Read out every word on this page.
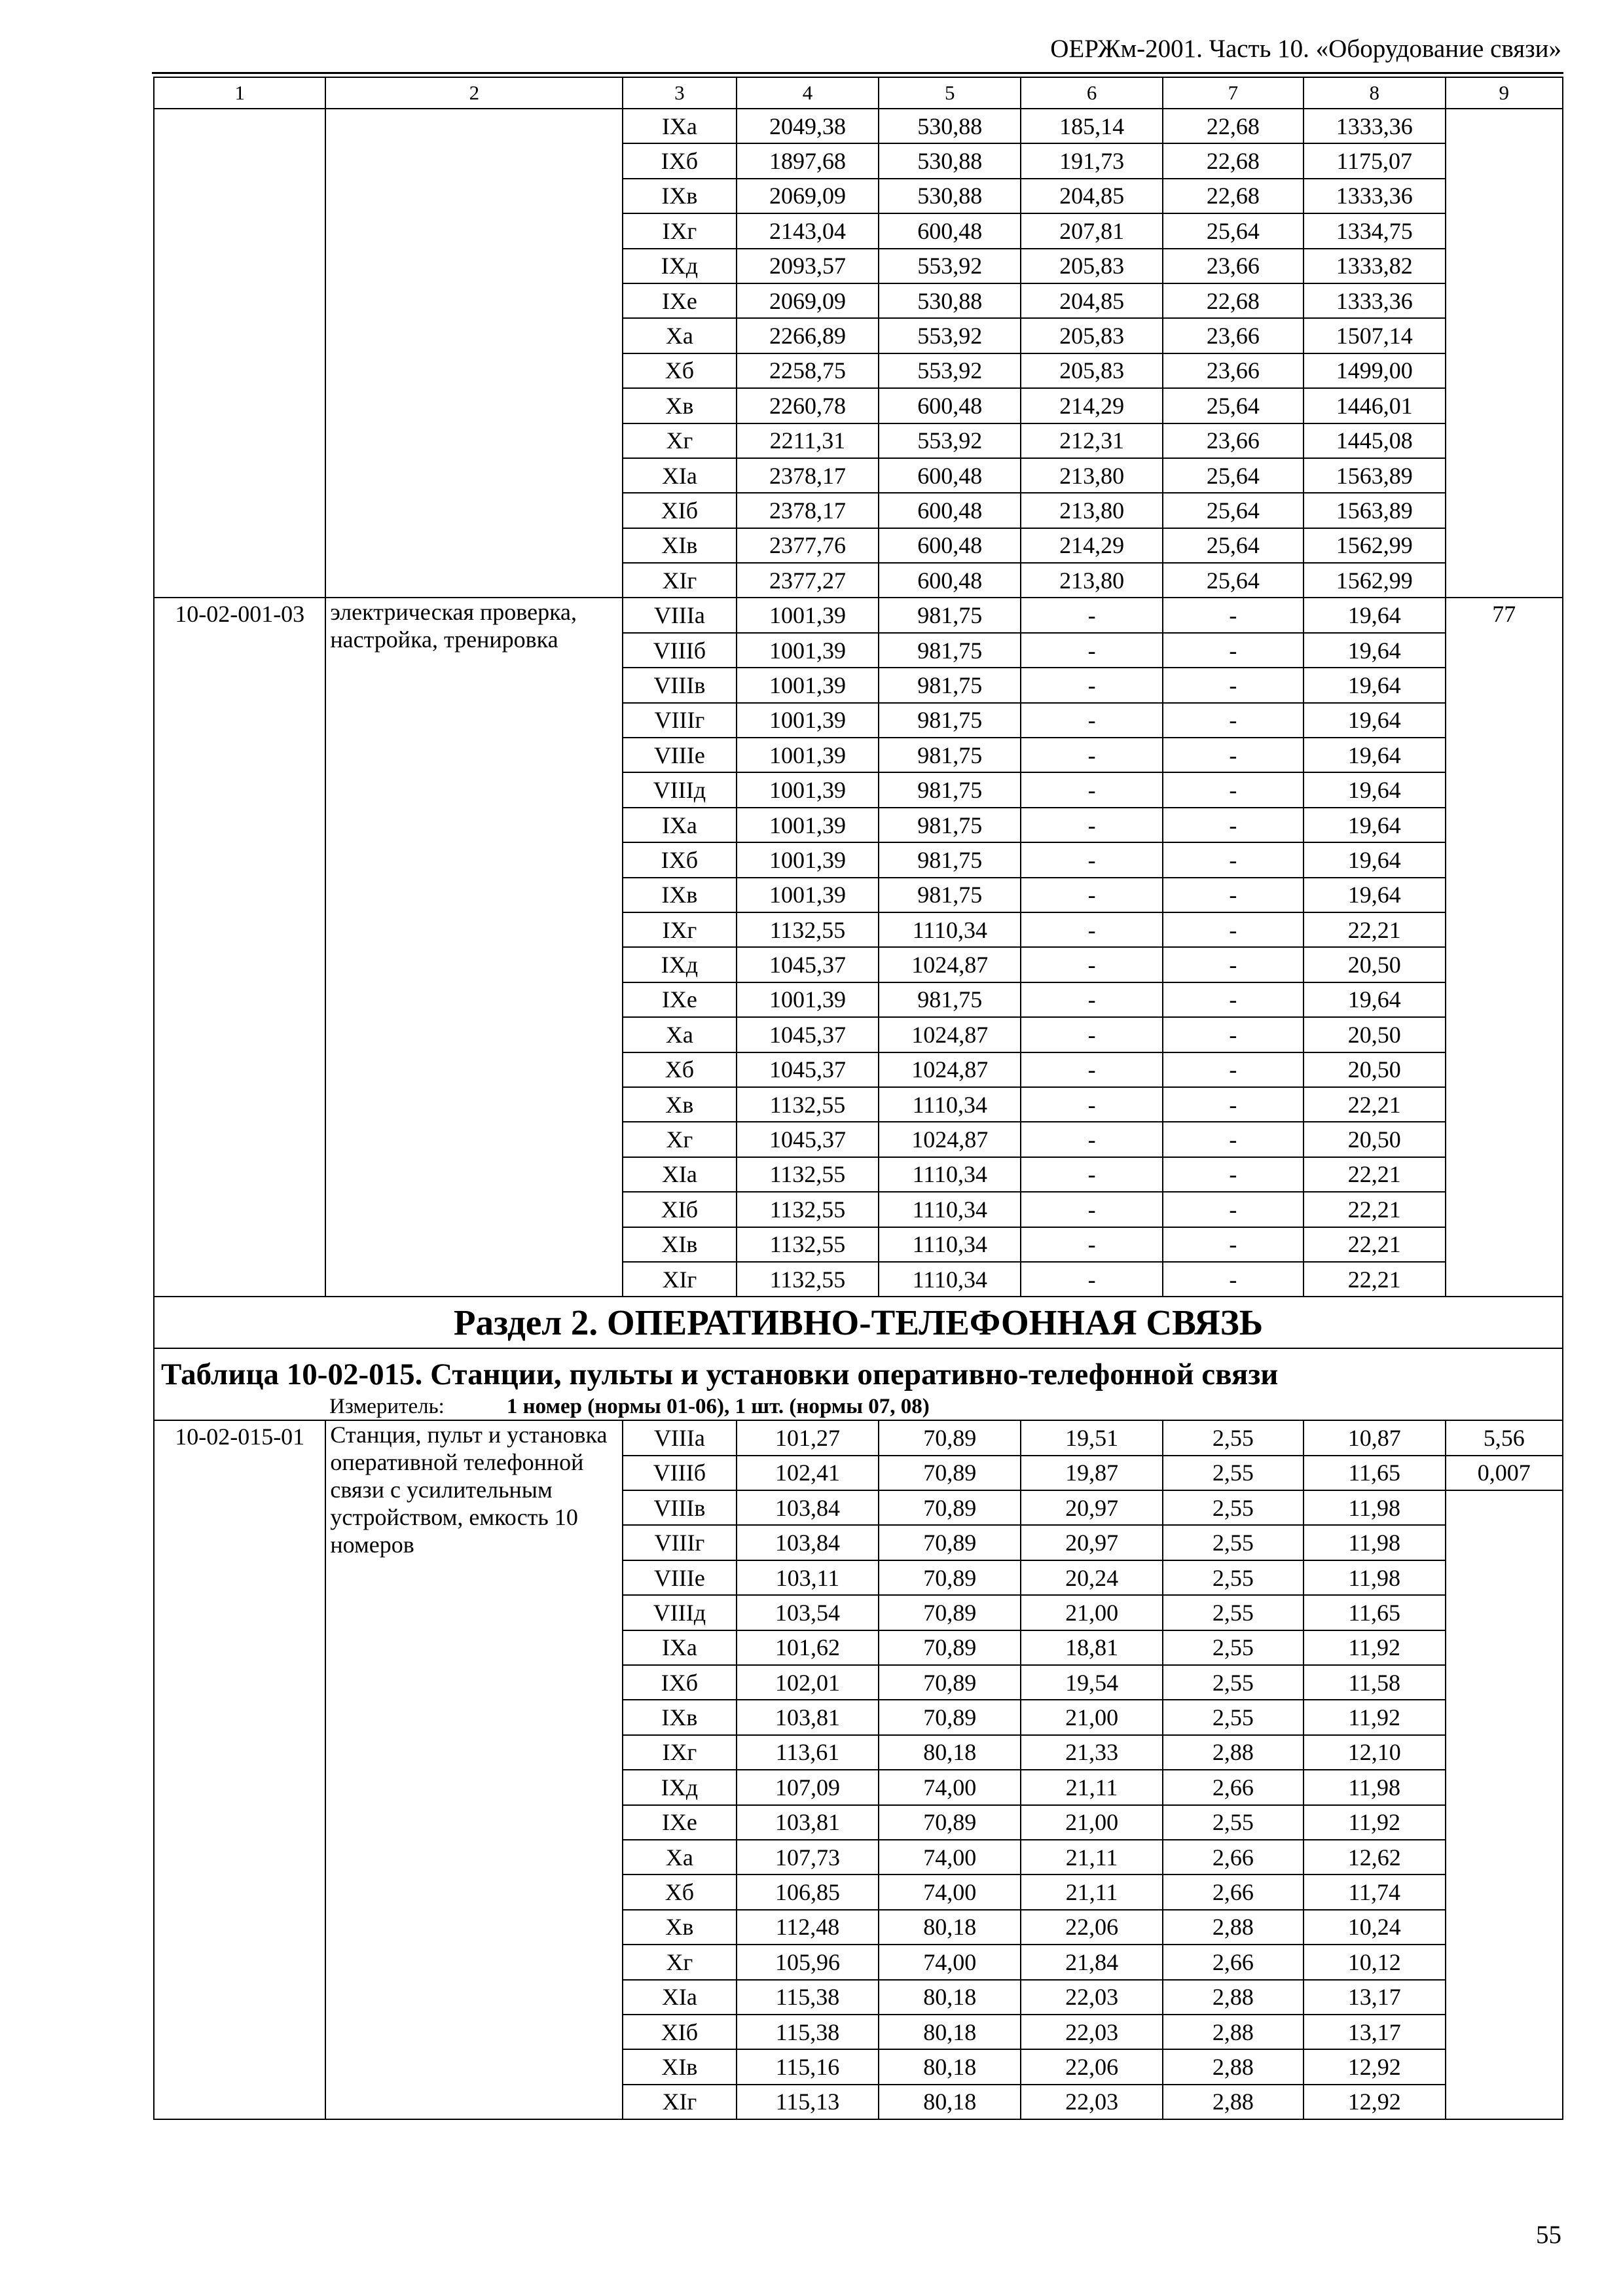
ОЕРЖм-2001. Часть 10. «Оборудование связи»
1	2	3	4	5	6	7	8	9
		IXа	2049,38	530,88	185,14	22,68	1333,36	
		IXб	1897,68	530,88	191,73	22,68	1175,07	
		IXв	2069,09	530,88	204,85	22,68	1333,36	
		IXг	2143,04	600,48	207,81	25,64	1334,75	
		IXд	2093,57	553,92	205,83	23,66	1333,82	
		IXе	2069,09	530,88	204,85	22,68	1333,36	
		Xа	2266,89	553,92	205,83	23,66	1507,14	
		Xб	2258,75	553,92	205,83	23,66	1499,00	
		Xв	2260,78	600,48	214,29	25,64	1446,01	
		Xг	2211,31	553,92	212,31	23,66	1445,08	
		XIа	2378,17	600,48	213,80	25,64	1563,89	
		XIб	2378,17	600,48	213,80	25,64	1563,89	
		XIв	2377,76	600,48	214,29	25,64	1562,99	
		XIг	2377,27	600,48	213,80	25,64	1562,99	
10-02-001-03	электрическая проверка, настройка, тренировка	VIIIа	1001,39	981,75	-	-	19,64	77
		VIIIб	1001,39	981,75	-	-	19,64	
		VIIIв	1001,39	981,75	-	-	19,64	
		VIIIг	1001,39	981,75	-	-	19,64	
		VIIIе	1001,39	981,75	-	-	19,64	
		VIIIд	1001,39	981,75	-	-	19,64	
		IXа	1001,39	981,75	-	-	19,64	
		IXб	1001,39	981,75	-	-	19,64	
		IXв	1001,39	981,75	-	-	19,64	
		IXг	1132,55	1110,34	-	-	22,21	
		IXд	1045,37	1024,87	-	-	20,50	
		IXе	1001,39	981,75	-	-	19,64	
		Xа	1045,37	1024,87	-	-	20,50	
		Xб	1045,37	1024,87	-	-	20,50	
		Xв	1132,55	1110,34	-	-	22,21	
		Xг	1045,37	1024,87	-	-	20,50	
		XIа	1132,55	1110,34	-	-	22,21	
		XIб	1132,55	1110,34	-	-	22,21	
		XIв	1132,55	1110,34	-	-	22,21	
		XIг	1132,55	1110,34	-	-	22,21	
Раздел 2. ОПЕРАТИВНО-ТЕЛЕФОННАЯ СВЯЗЬ								

Таблица 10-02-015. Станции, пульты и установки оперативно-телефонной связи
Измеритель: 1 номер (нормы 01-06), 1 шт. (нормы 07, 08)								

10-02-015-01	Станция, пульт и установка оперативной телефонной связи с усилительным устройством, емкость 10 номеров	VIIIа	101,27	70,89	19,51	2,55	10,87	5,56
		VIIIб	102,41	70,89	19,87	2,55	11,65	0,007
		VIIIв	103,84	70,89	20,97	2,55	11,98	
		VIIIг	103,84	70,89	20,97	2,55	11,98	
		VIIIе	103,11	70,89	20,24	2,55	11,98	
		VIIIд	103,54	70,89	21,00	2,55	11,65	
		IXа	101,62	70,89	18,81	2,55	11,92	
		IXб	102,01	70,89	19,54	2,55	11,58	
		IXв	103,81	70,89	21,00	2,55	11,92	
		IXг	113,61	80,18	21,33	2,88	12,10	
		IXд	107,09	74,00	21,11	2,66	11,98	
		IXе	103,81	70,89	21,00	2,55	11,92	
		Xа	107,73	74,00	21,11	2,66	12,62	
		Xб	106,85	74,00	21,11	2,66	11,74	
		Xв	112,48	80,18	22,06	2,88	10,24	
		Xг	105,96	74,00	21,84	2,66	10,12	
		XIа	115,38	80,18	22,03	2,88	13,17	
		XIб	115,38	80,18	22,03	2,88	13,17	
		XIв	115,16	80,18	22,06	2,88	12,92	
		XIг	115,13	80,18	22,03	2,88	12,92	
55
